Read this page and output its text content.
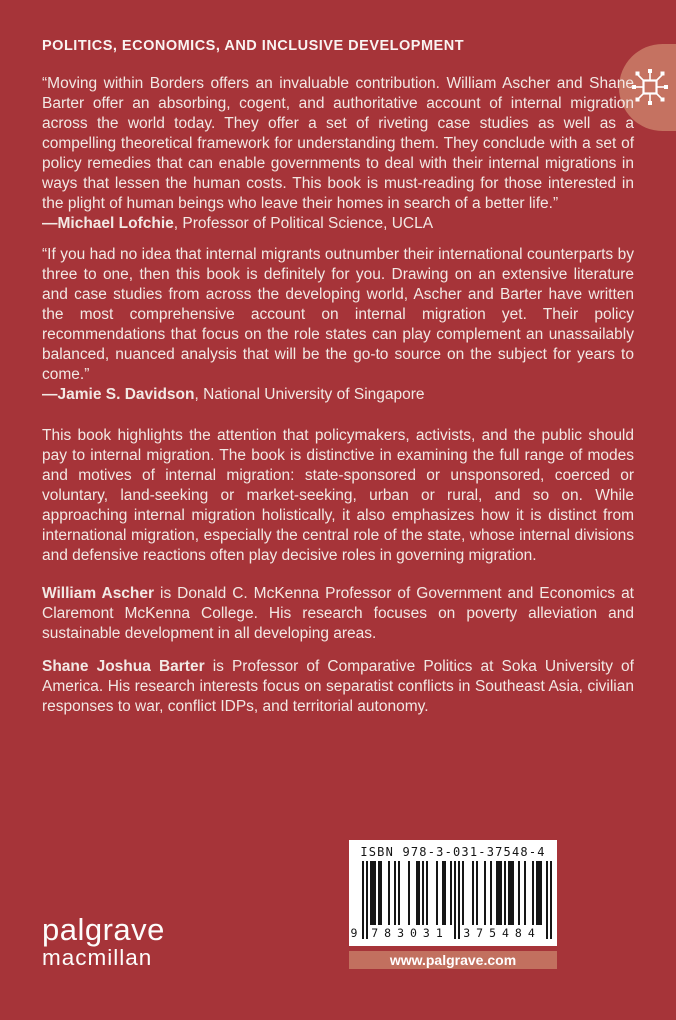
POLITICS, ECONOMICS, AND INCLUSIVE DEVELOPMENT

“Moving within Borders offers an invaluable contribution. William Ascher and Shane Barter offer an absorbing, cogent, and authoritative account of internal migration across the world today. They offer a set of riveting case studies as well as a compelling theoretical framework for understanding them. They conclude with a set of policy remedies that can enable governments to deal with their internal migrations in ways that lessen the human costs. This book is must-reading for those interested in the plight of human beings who leave their homes in search of a better life.”

—Michael Lofchie, Professor of Political Science, UCLA

“If you had no idea that internal migrants outnumber their international counterparts by three to one, then this book is definitely for you. Drawing on an extensive literature and case studies from across the developing world, Ascher and Barter have written the most comprehensive account on internal migration yet. Their policy recommendations that focus on the role states can play complement an unassailably balanced, nuanced analysis that will be the go-to source on the subject for years to come.”

—Jamie S. Davidson, National University of Singapore

This book highlights the attention that policymakers, activists, and the public should pay to internal migration. The book is distinctive in examining the full range of modes and motives of internal migration: state-sponsored or unsponsored, coerced or voluntary, land-seeking or market-seeking, urban or rural, and so on. While approaching internal migration holistically, it also emphasizes how it is distinct from international migration, especially the central role of the state, whose internal divisions and defensive reactions often play decisive roles in governing migration.

William Ascher is Donald C. McKenna Professor of Government and Economics at Claremont McKenna College. His research focuses on poverty alleviation and sustainable development in all developing areas.

Shane Joshua Barter is Professor of Comparative Politics at Soka University of America. His research interests focus on separatist conflicts in Southeast Asia, civilian responses to war, conflict IDPs, and territorial autonomy.

ISBN 978-3-031-37548-4
9 783031	375484
www.palgrave.com
palgrave
macmillan
